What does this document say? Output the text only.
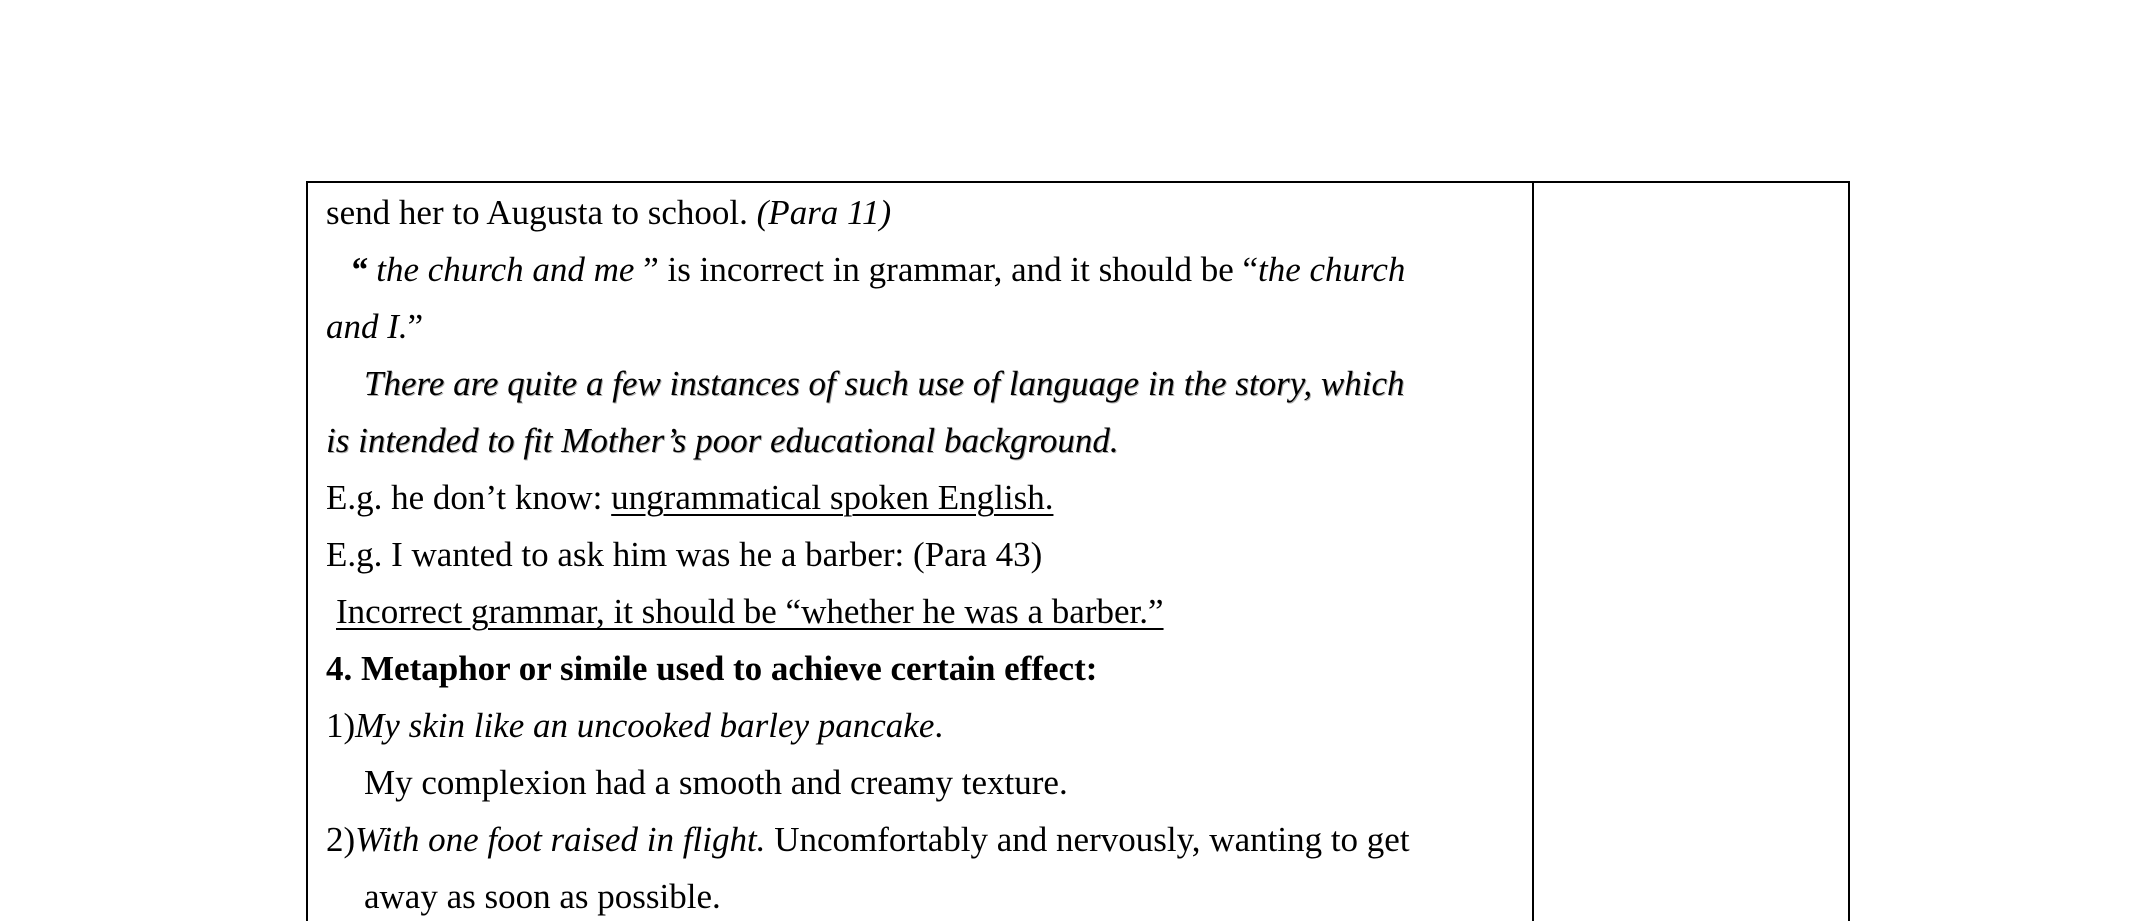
send her to Augusta to school. (Para 11)
“ the church and me ” is incorrect in grammar, and it should be “the church
and I.”
There are quite a few instances of such use of language in the story, which
is intended to fit Mother’s poor educational background.
E.g. he don’t know: ungrammatical spoken English.
E.g. I wanted to ask him was he a barber: (Para 43)
Incorrect grammar, it should be “whether he was a barber.”
4. Metaphor or simile used to achieve certain effect:
1)My skin like an uncooked barley pancake.
My complexion had a smooth and creamy texture.
2)With one foot raised in flight. Uncomfortably and nervously, wanting to get
away as soon as possible.
